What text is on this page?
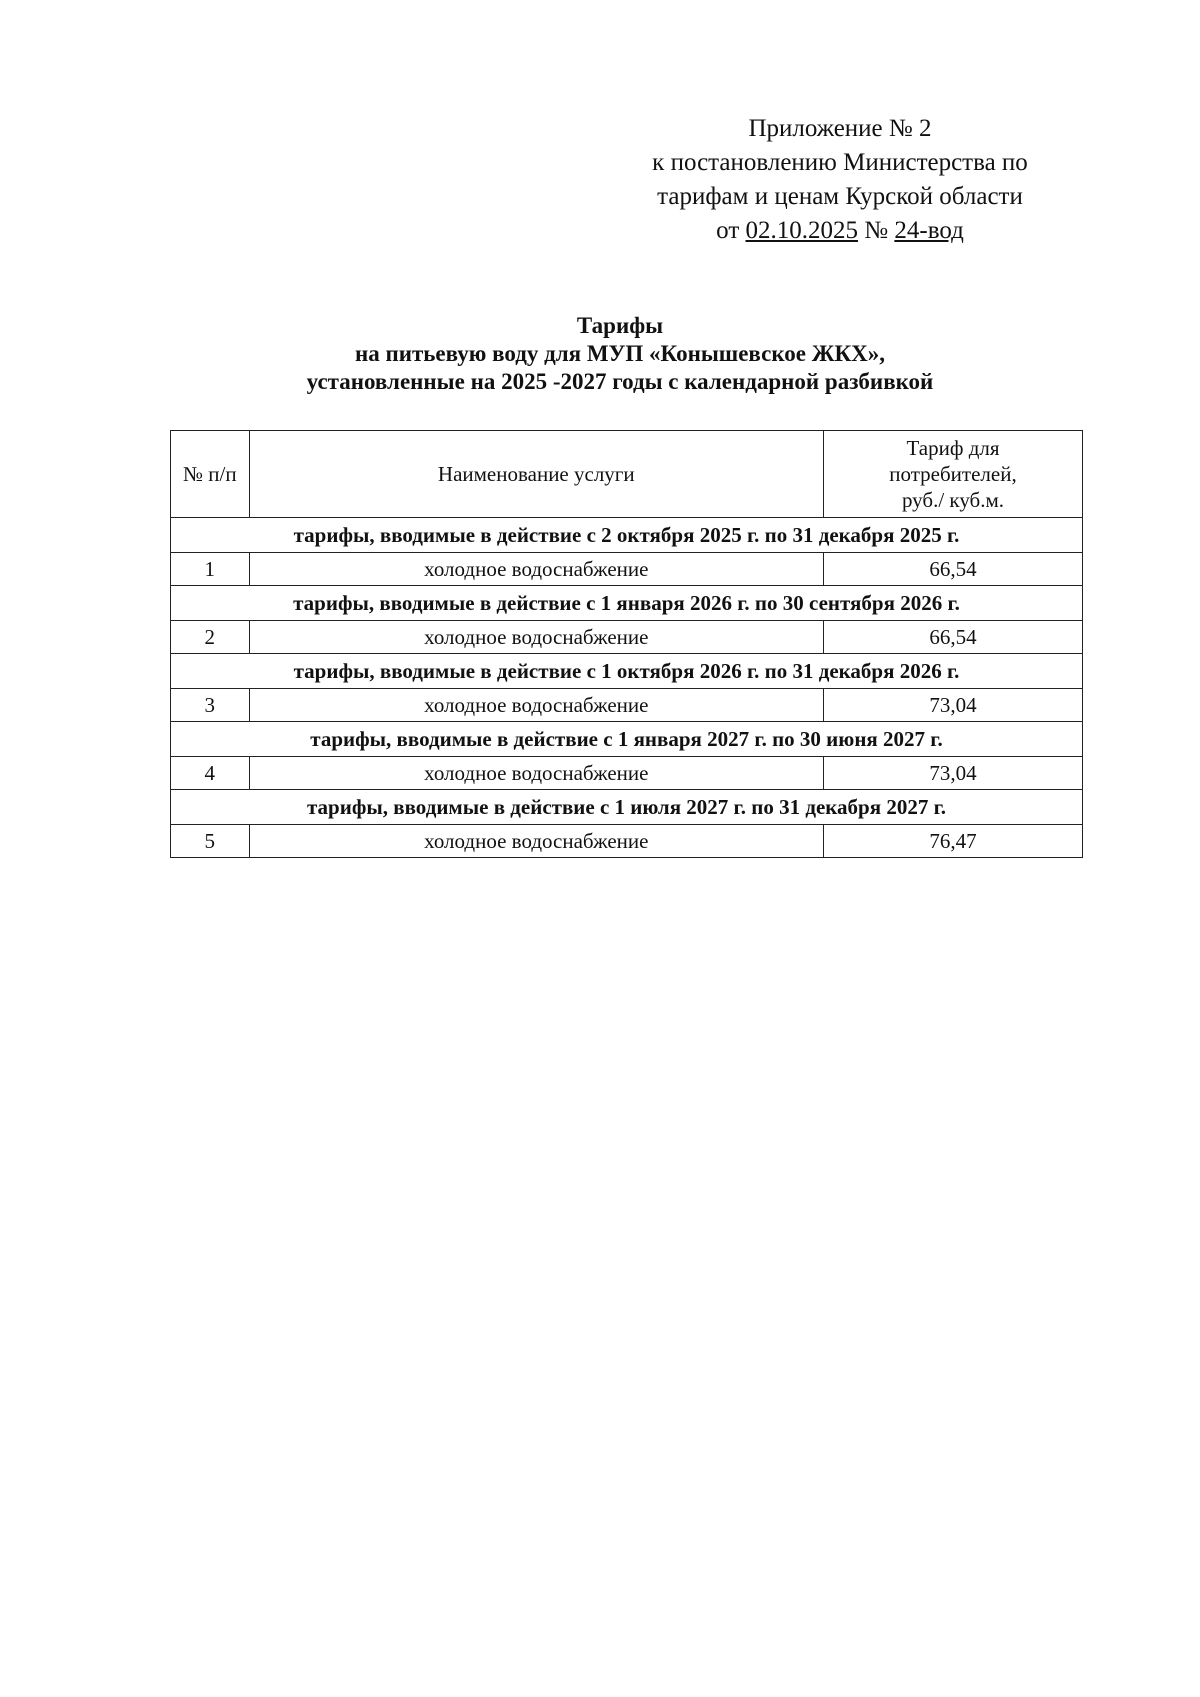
Приложение № 2
к постановлению Министерства по
тарифам и ценам Курской области
от 02.10.2025 № 24-вод
Тарифы
на питьевую воду для МУП «Конышевское ЖКХ»,
установленные на 2025 -2027 годы с календарной разбивкой
№ п/п	Наименование услуги	Тариф для
потребителей,
руб./ куб.м.

тарифы, вводимые в действие с 2 октября 2025 г. по 31 декабря 2025 г.		
1	холодное водоснабжение	66,54
тарифы, вводимые в действие с 1 января 2026 г. по 30 сентября 2026 г.		
2	холодное водоснабжение	66,54
тарифы, вводимые в действие с 1 октября 2026 г. по 31 декабря 2026 г.		
3	холодное водоснабжение	73,04
тарифы, вводимые в действие с 1 января 2027 г. по 30 июня 2027 г.		
4	холодное водоснабжение	73,04
тарифы, вводимые в действие с 1 июля 2027 г. по 31 декабря 2027 г.		
5	холодное водоснабжение	76,47
